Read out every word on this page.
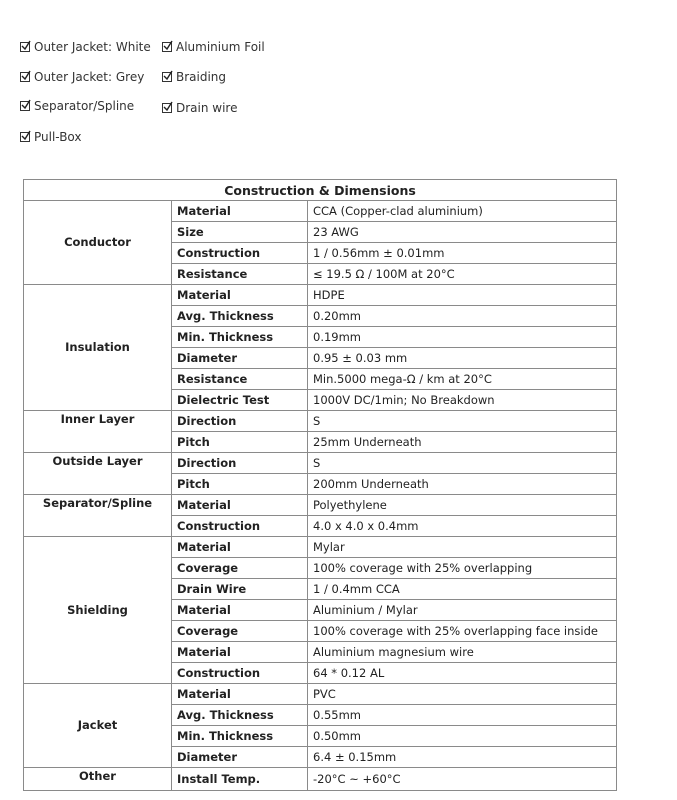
Outer Jacket: White
Outer Jacket: Grey
Separator/Spline
Pull-Box
Aluminium Foil
Braiding
Drain wire
Construction & Dimensions		
Conductor	Material	CCA (Copper-clad aluminium)
	Size	23 AWG
	Construction	1 / 0.56mm ± 0.01mm
	Resistance	≤ 19.5 Ω / 100M at 20°C
Insulation	Material	HDPE
	Avg. Thickness	0.20mm
	Min. Thickness	0.19mm
	Diameter	0.95 ± 0.03 mm
	Resistance	Min.5000 mega-Ω / km at 20°C
	Dielectric Test	1000V DC/1min; No Breakdown
Inner Layer	Direction	S
	Pitch	25mm Underneath
Outside Layer	Direction	S
	Pitch	200mm Underneath
Separator/Spline	Material	Polyethylene
	Construction	4.0 x 4.0 x 0.4mm
Shielding	Material	Mylar
	Coverage	100% coverage with 25% overlapping
	Drain Wire	1 / 0.4mm CCA
	Material	Aluminium / Mylar
	Coverage	100% coverage with 25% overlapping face inside
	Material	Aluminium magnesium wire
	Construction	64 * 0.12 AL
Jacket	Material	PVC
	Avg. Thickness	0.55mm
	Min. Thickness	0.50mm
	Diameter	6.4 ± 0.15mm
Other	Install Temp.	-20°C ~ +60°C
